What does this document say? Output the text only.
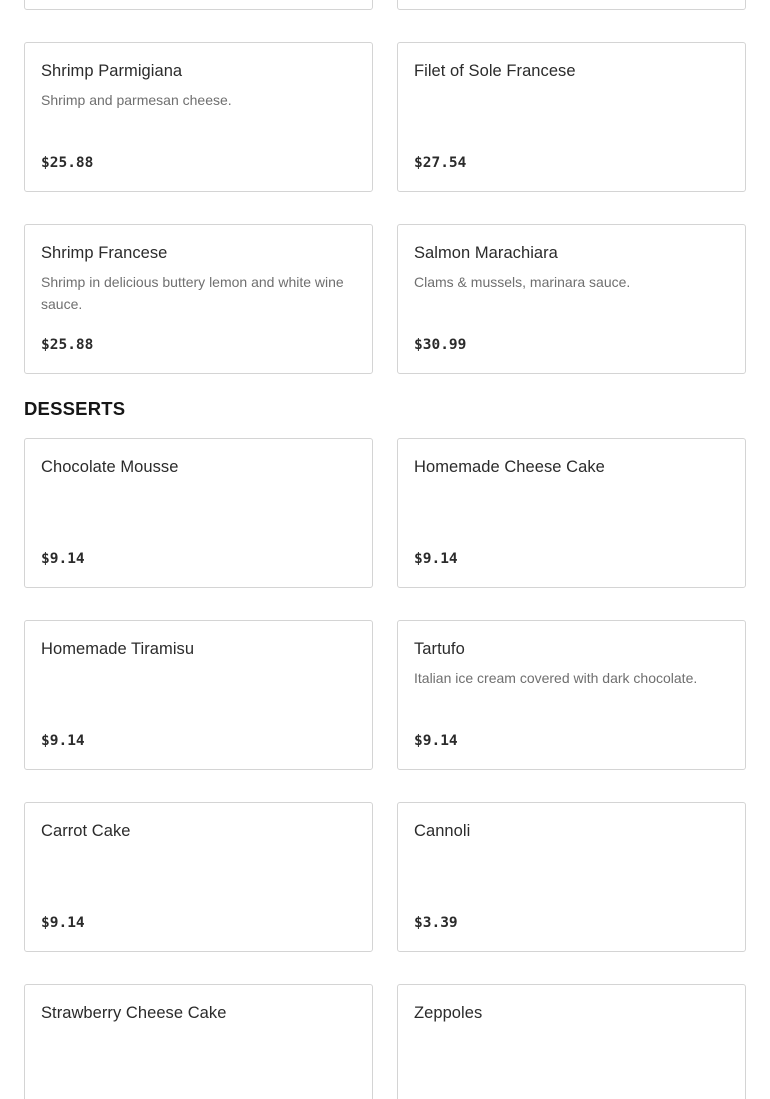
Shrimp Parmigiana
Shrimp and parmesan cheese.
$25.88
Filet of Sole Francese
$27.54
Shrimp Francese
Shrimp in delicious buttery lemon and white wine sauce.
$25.88
Salmon Marachiara
Clams & mussels, marinara sauce.
$30.99
DESSERTS
Chocolate Mousse
$9.14
Homemade Cheese Cake
$9.14
Homemade Tiramisu
$9.14
Tartufo
Italian ice cream covered with dark chocolate.
$9.14
Carrot Cake
$9.14
Cannoli
$3.39
Strawberry Cheese Cake	Zeppoles
